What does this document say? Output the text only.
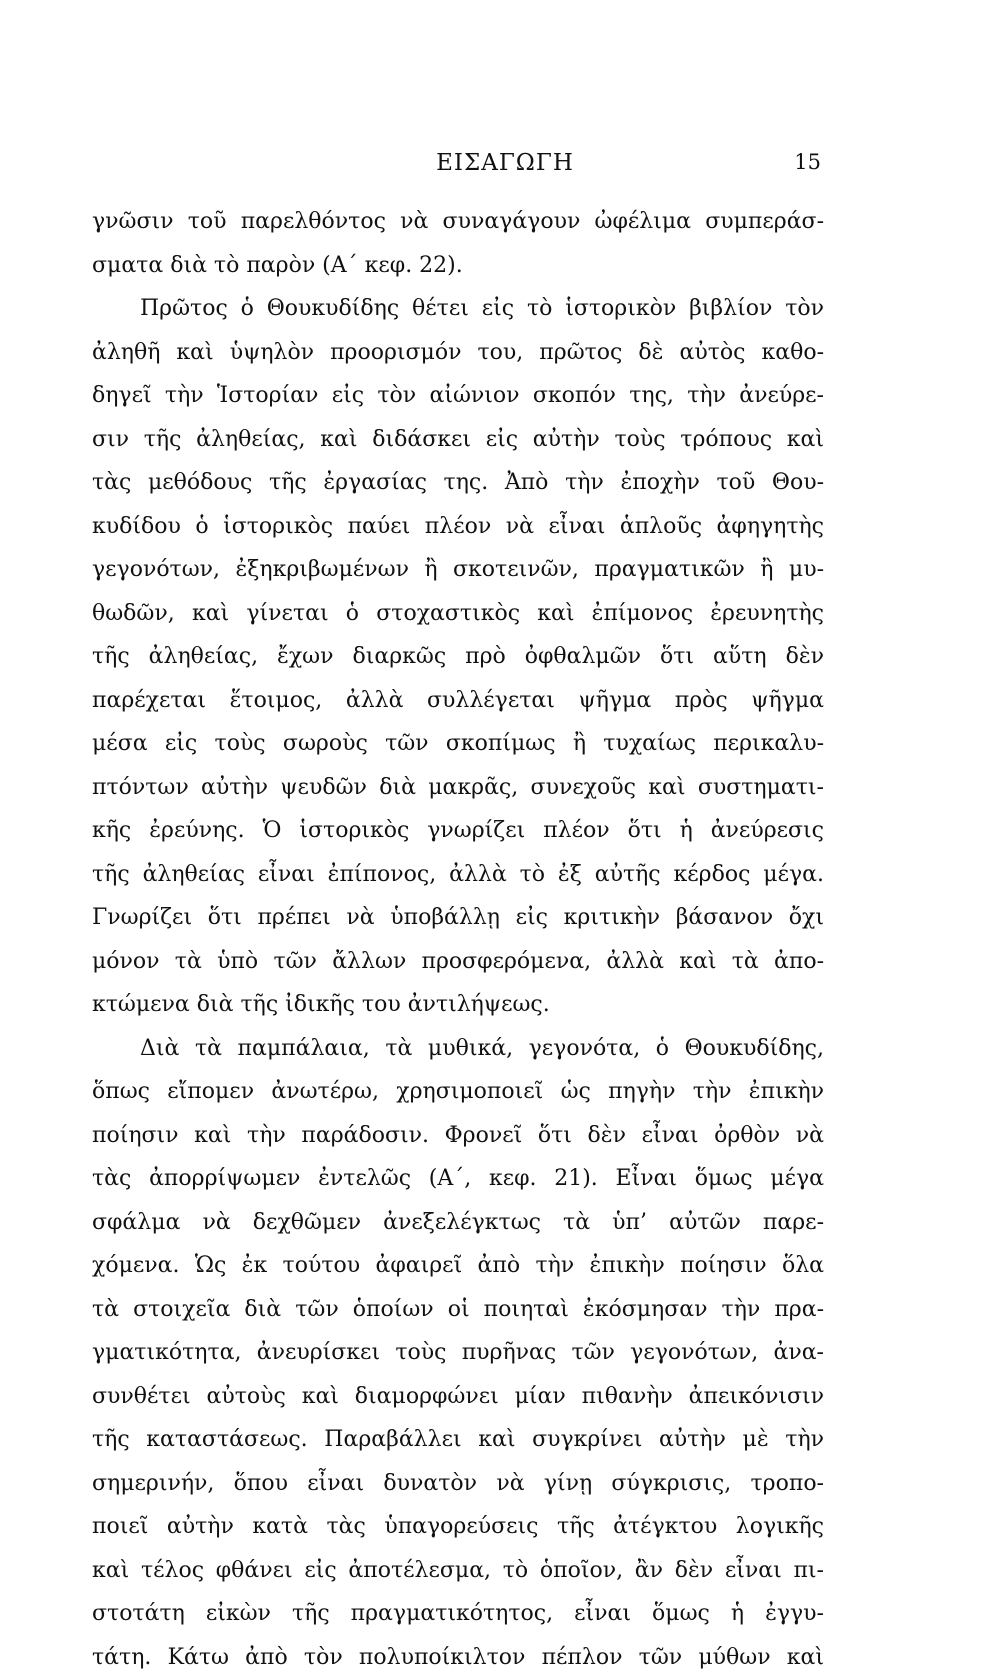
ΕΙΣΑΓΩΓΗ	15
γνῶσιν τοῦ παρελθόντος νὰ συναγάγουν ὠφέλιμα συμπεράσ-
σματα διὰ τὸ παρὸν (Α΄ κεφ. 22).
Πρῶτος ὁ Θουκυδίδης θέτει εἰς τὸ ἱστορικὸν βιβλίον τὸν
ἀληθῆ καὶ ὑψηλὸν προορισμόν του, πρῶτος δὲ αὐτὸς καθο-
δηγεῖ τὴν Ἱστορίαν εἰς τὸν αἰώνιον σκοπόν της, τὴν ἀνεύρε-
σιν τῆς ἀληθείας, καὶ διδάσκει εἰς αὐτὴν τοὺς τρόπους καὶ
τὰς μεθόδους τῆς ἐργασίας της. Ἀπὸ τὴν ἐποχὴν τοῦ Θου-
κυδίδου ὁ ἱστορικὸς παύει πλέον νὰ εἶναι ἁπλοῦς ἀφηγητὴς
γεγονότων, ἐξηκριβωμένων ἢ σκοτεινῶν, πραγματικῶν ἢ μυ-
θωδῶν, καὶ γίνεται ὁ στοχαστικὸς καὶ ἐπίμονος ἐρευνητὴς
τῆς ἀληθείας, ἔχων διαρκῶς πρὸ ὀφθαλμῶν ὅτι αὕτη δὲν
παρέχεται ἕτοιμος, ἀλλὰ συλλέγεται ψῆγμα πρὸς ψῆγμα
μέσα εἰς τοὺς σωροὺς τῶν σκοπίμως ἢ τυχαίως περικαλυ-
πτόντων αὐτὴν ψευδῶν διὰ μακρᾶς, συνεχοῦς καὶ συστηματι-
κῆς ἐρεύνης. Ὁ ἱστορικὸς γνωρίζει πλέον ὅτι ἡ ἀνεύρεσις
τῆς ἀληθείας εἶναι ἐπίπονος, ἀλλὰ τὸ ἐξ αὐτῆς κέρδος μέγα.
Γνωρίζει ὅτι πρέπει νὰ ὑποβάλλῃ εἰς κριτικὴν βάσανον ὄχι
μόνον τὰ ὑπὸ τῶν ἄλλων προσφερόμενα, ἀλλὰ καὶ τὰ ἀπο-
κτώμενα διὰ τῆς ἰδικῆς του ἀντιλήψεως.
Διὰ τὰ παμπάλαια, τὰ μυθικά, γεγονότα, ὁ Θουκυδίδης,
ὅπως εἴπομεν ἀνωτέρω, χρησιμοποιεῖ ὡς πηγὴν τὴν ἐπικὴν
ποίησιν καὶ τὴν παράδοσιν. Φρονεῖ ὅτι δὲν εἶναι ὀρθὸν νὰ
τὰς ἀπορρίψωμεν ἐντελῶς (Α΄, κεφ. 21). Εἶναι ὅμως μέγα
σφάλμα νὰ δεχθῶμεν ἀνεξελέγκτως τὰ ὑπ’ αὐτῶν παρε-
χόμενα. Ὡς ἐκ τούτου ἀφαιρεῖ ἀπὸ τὴν ἐπικὴν ποίησιν ὅλα
τὰ στοιχεῖα διὰ τῶν ὁποίων οἱ ποιηταὶ ἐκόσμησαν τὴν πρα-
γματικότητα, ἀνευρίσκει τοὺς πυρῆνας τῶν γεγονότων, ἀνα-
συνθέτει αὐτοὺς καὶ διαμορφώνει μίαν πιθανὴν ἀπεικόνισιν
τῆς καταστάσεως. Παραβάλλει καὶ συγκρίνει αὐτὴν μὲ τὴν
σημερινήν, ὅπου εἶναι δυνατὸν νὰ γίνῃ σύγκρισις, τροπο-
ποιεῖ αὐτὴν κατὰ τὰς ὑπαγορεύσεις τῆς ἀτέγκτου λογικῆς
καὶ τέλος φθάνει εἰς ἀποτέλεσμα, τὸ ὁποῖον, ἂν δὲν εἶναι πι-
στοτάτη εἰκὼν τῆς πραγματικότητος, εἶναι ὅμως ἡ ἐγγυ-
τάτη. Κάτω ἀπὸ τὸν πολυποίκιλτον πέπλον τῶν μύθων καὶ
